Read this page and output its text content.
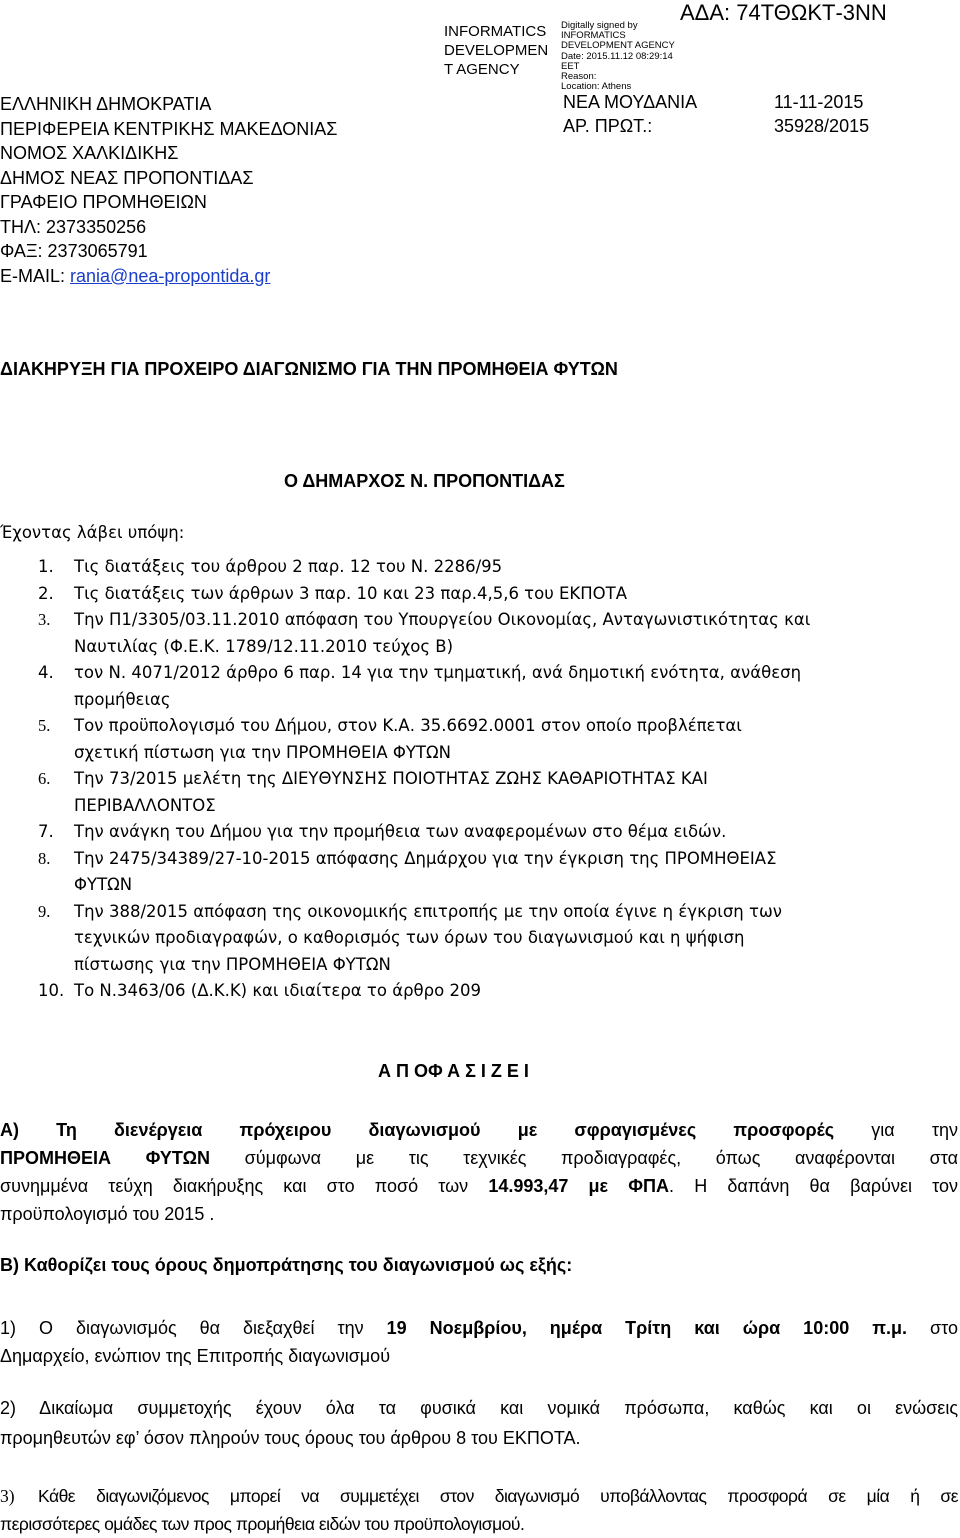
INFORMATICS
DEVELOPMEN
T AGENCY
Digitally signed by
INFORMATICS
DEVELOPMENT AGENCY
Date: 2015.11.12 08:29:14
EET
Reason:
Location: Athens
ΑΔΑ: 74ΤΘΩΚΤ-3ΝΝ
ΕΛΛΗΝΙΚΗ ΔΗΜΟΚΡΑΤΙΑ
ΠΕΡΙΦΕΡΕΙΑ ΚΕΝΤΡΙΚΗΣ ΜΑΚΕΔΟΝΙΑΣ
ΝΟΜΟΣ ΧΑΛΚΙΔΙΚΗΣ
ΔΗΜΟΣ ΝΕΑΣ ΠΡΟΠΟΝΤΙΔΑΣ
ΓΡΑΦΕΙΟ ΠΡΟΜΗΘΕΙΩΝ
ΤΗΛ: 2373350256
ΦΑΞ: 2373065791
E-MAIL: rania@nea-propontida.gr
ΝΕΑ ΜΟΥΔΑΝΙΑ	11-11-2015
ΑΡ. ΠΡΩΤ.:	35928/2015
ΔΙΑΚΗΡΥΞΗ ΓΙΑ ΠΡΟΧΕΙΡΟ ΔΙΑΓΩΝΙΣΜΟ ΓΙΑ ΤΗΝ ΠΡΟΜΗΘΕΙΑ ΦΥΤΩΝ
Ο ΔΗΜΑΡΧΟΣ Ν. ΠΡΟΠΟΝΤΙΔΑΣ
Έχοντας λάβει υπόψη:
1. Τις διατάξεις του άρθρου 2 παρ. 12 του Ν. 2286/95
2. Τις διατάξεις των άρθρων 3 παρ. 10 και 23 παρ.4,5,6 του ΕΚΠΟΤΑ
3. Την Π1/3305/03.11.2010 απόφαση του Υπουργείου Οικονομίας, Ανταγωνιστικότητας και
Ναυτιλίας (Φ.Ε.Κ. 1789/12.11.2010 τεύχος Β)
4. τον Ν. 4071/2012 άρθρο 6 παρ. 14 για την τμηματική, ανά δημοτική ενότητα, ανάθεση
προμήθειας
5. Τον προϋπολογισμό του Δήμου, στον Κ.Α. 35.6692.0001 στον οποίο προβλέπεται
σχετική πίστωση για την ΠΡΟΜΗΘΕΙΑ ΦΥΤΩΝ
6. Την 73/2015 μελέτη της ΔΙΕΥΘΥΝΣΗΣ ΠΟΙΟΤΗΤΑΣ ΖΩΗΣ ΚΑΘΑΡΙΟΤΗΤΑΣ ΚΑΙ
ΠΕΡΙΒΑΛΛΟΝΤΟΣ
7. Την ανάγκη του Δήμου για την προμήθεια των αναφερομένων στο θέμα ειδών.
8. Την 2475/34389/27-10-2015 απόφασης Δημάρχου για την έγκριση της ΠΡΟΜΗΘΕΙΑΣ
ΦΥΤΩΝ
9. Την 388/2015 απόφαση της οικονομικής επιτροπής με την οποία έγινε η έγκριση των
τεχνικών προδιαγραφών, ο καθορισμός των όρων του διαγωνισμού και η ψήφιση
πίστωσης για την ΠΡΟΜΗΘΕΙΑ ΦΥΤΩΝ
10. Το Ν.3463/06 (Δ.Κ.Κ) και ιδιαίτερα το άρθρο 209
Α Π ΟΦ Α Σ Ι Ζ Ε Ι
Α) Τη διενέργεια πρόχειρου διαγωνισμού με σφραγισμένες προσφορές για την
ΠΡΟΜΗΘΕΙΑ ΦΥΤΩΝ σύμφωνα με τις τεχνικές προδιαγραφές, όπως αναφέρονται στα
συνημμένα τεύχη διακήρυξης και στο ποσό των 14.993,47 με ΦΠΑ. Η δαπάνη θα βαρύνει τον
προϋπολογισμό του 2015 .
Β) Καθορίζει τους όρους δημοπράτησης του διαγωνισμού ως εξής:
1) Ο διαγωνισμός θα διεξαχθεί την 19 Νοεμβρίου, ημέρα Τρίτη και ώρα 10:00 π.μ. στο
Δημαρχείο, ενώπιον της Επιτροπής διαγωνισμού
2) Δικαίωμα συμμετοχής έχουν όλα τα φυσικά και νομικά πρόσωπα, καθώς και οι ενώσεις
προμηθευτών εφ’ όσον πληρούν τους όρους του άρθρου 8 του ΕΚΠΟΤΑ.
3)	Κάθε διαγωνιζόμενος μπορεί να συμμετέχει στον διαγωνισμό υποβάλλοντας προσφορά σε μία ή σε
περισσότερες ομάδες των προς προμήθεια ειδών του προϋπολογισμού.
